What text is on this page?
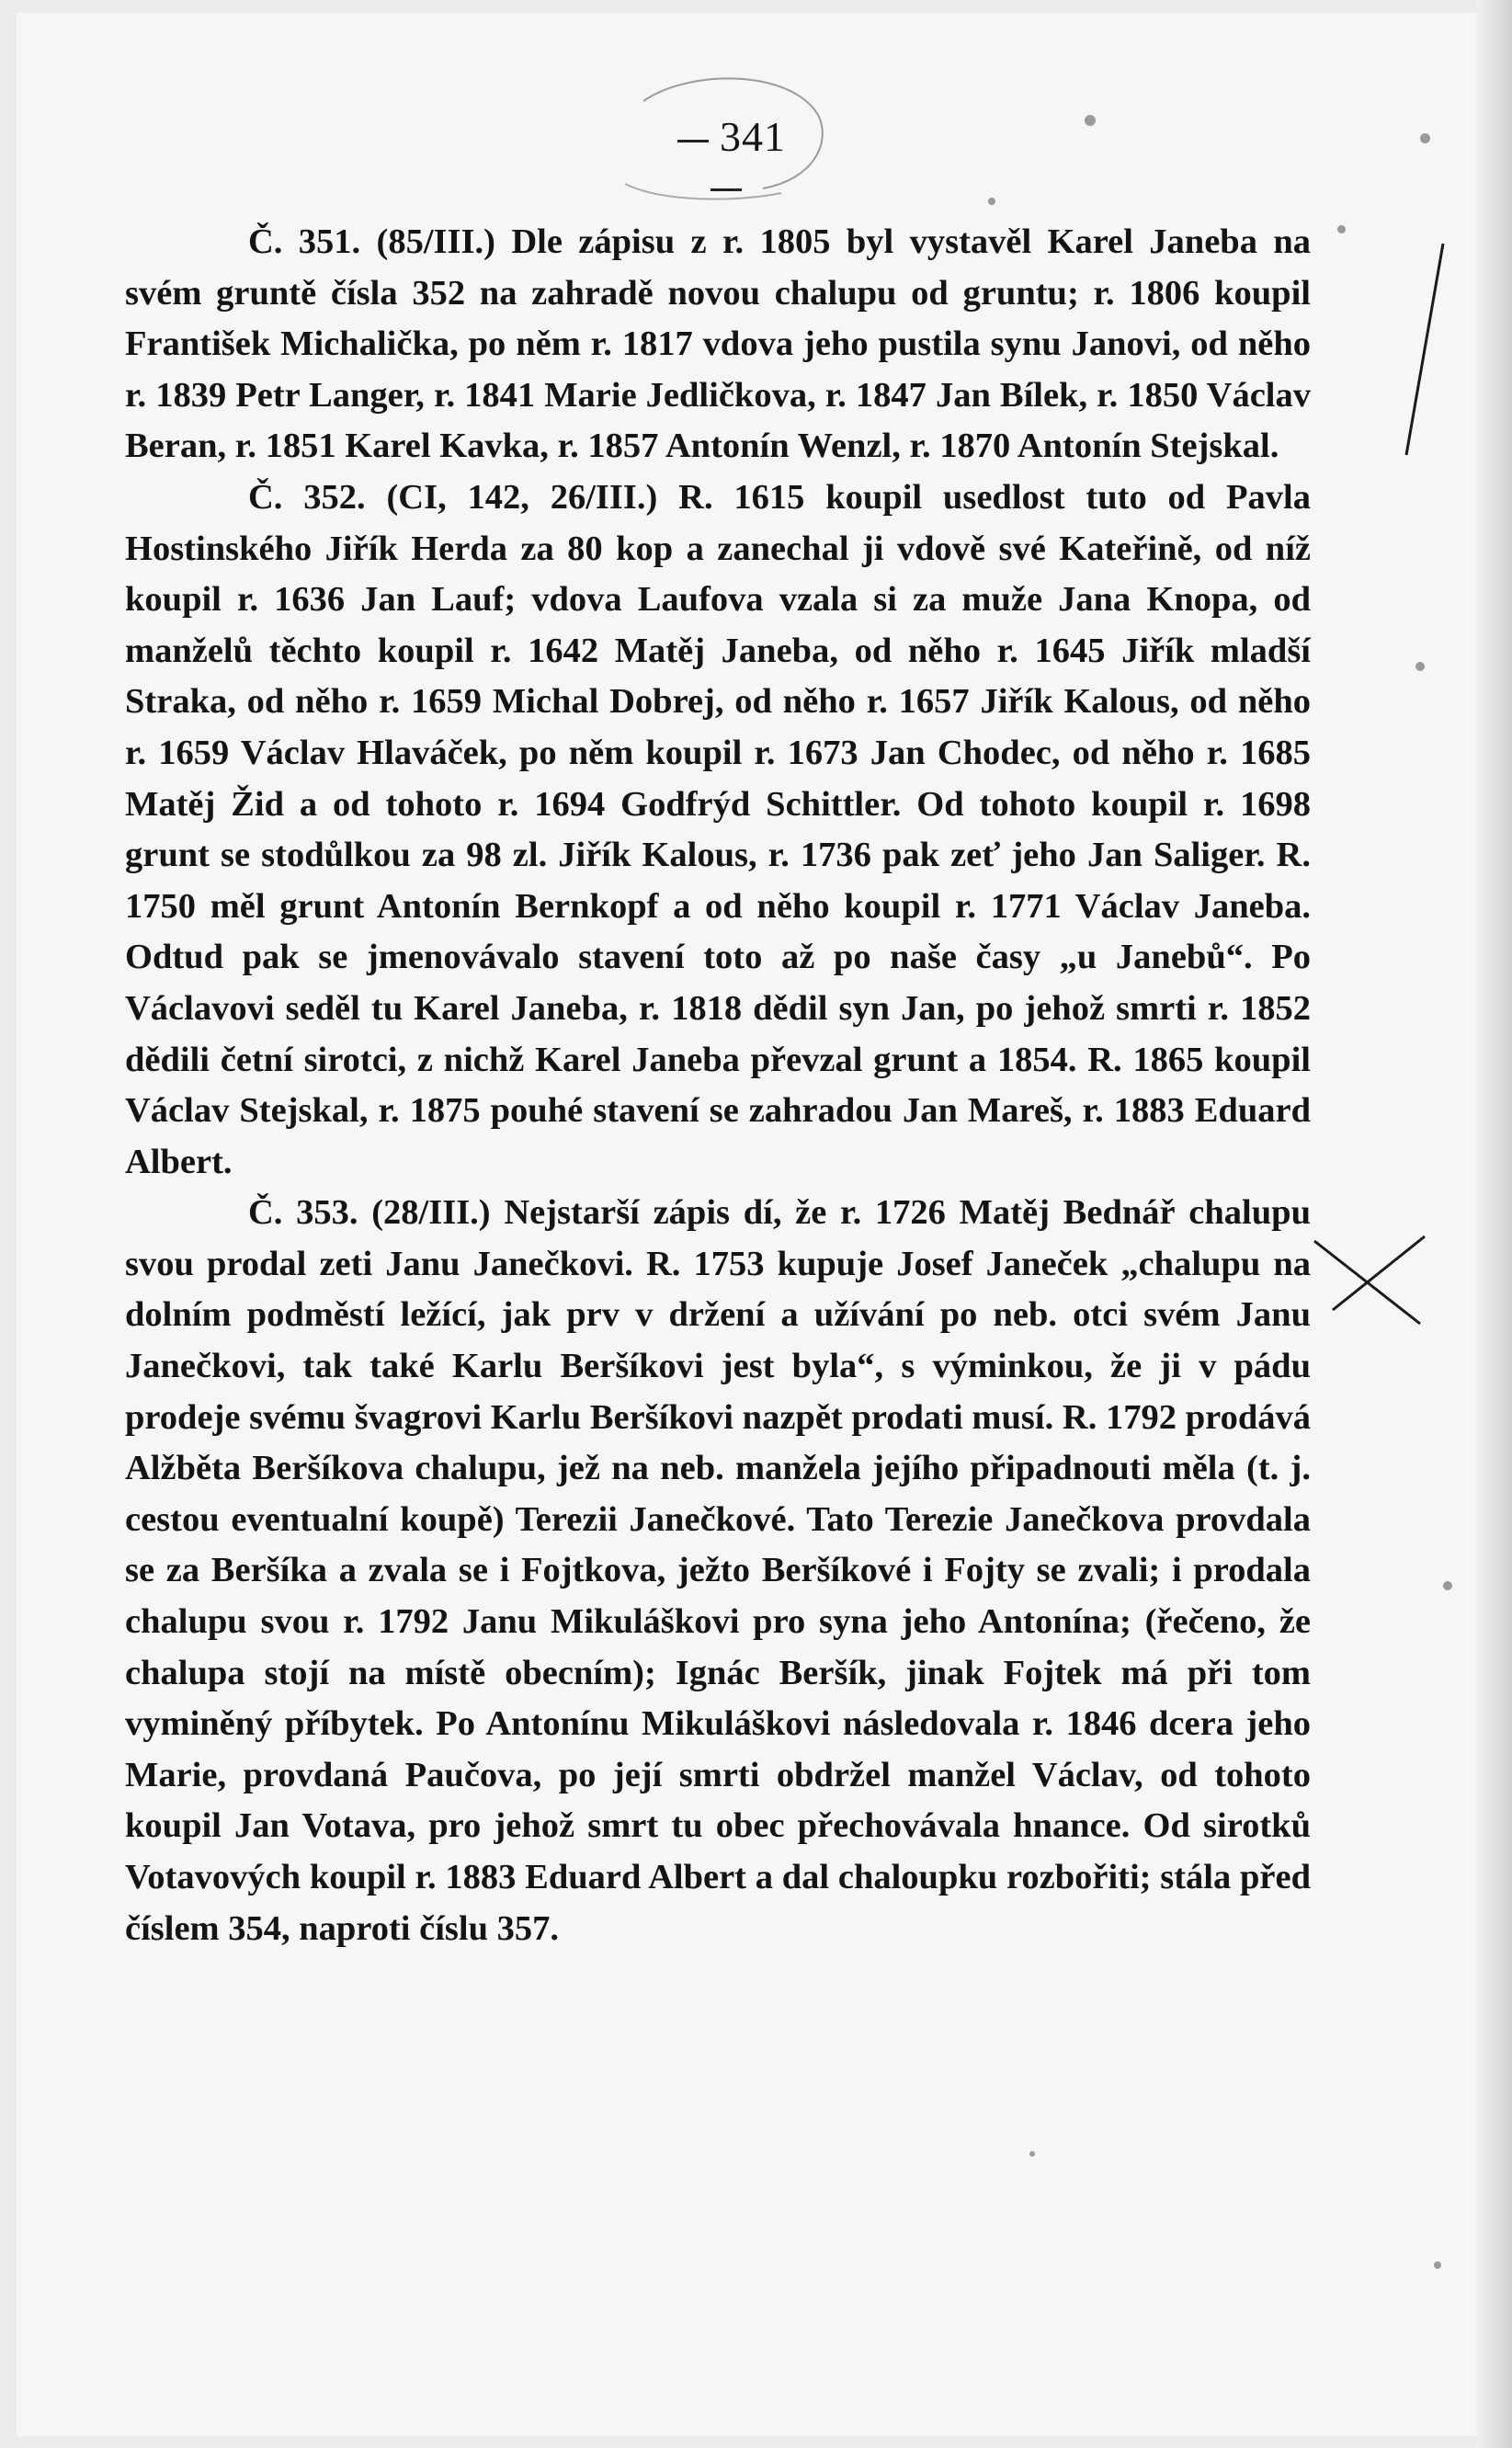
341

Č. 351. (85/III.) Dle zápisu z r. 1805 byl vystavěl Karel Janeba na svém gruntě čísla 352 na zahradě novou chalupu od gruntu; r. 1806 koupil František Michalička, po něm r. 1817 vdova jeho pustila synu Janovi, od něho r. 1839 Petr Langer, r. 1841 Marie Jedličkova, r. 1847 Jan Bílek, r. 1850 Václav Beran, r. 1851 Karel Kavka, r. 1857 Antonín Wenzl, r. 1870 Antonín Stejskal.

Č. 352. (CI, 142, 26/III.) R. 1615 koupil usedlost tuto od Pavla Hostinského Jiřík Herda za 80 kop a zanechal ji vdově své Kateřině, od níž koupil r. 1636 Jan Lauf; vdova Laufova vzala si za muže Jana Knopa, od manželů těchto koupil r. 1642 Matěj Janeba, od něho r. 1645 Jiřík mladší Straka, od něho r. 1659 Michal Dobrej, od něho r. 1657 Jiřík Kalous, od něho r. 1659 Václav Hlaváček, po něm koupil r. 1673 Jan Chodec, od něho r. 1685 Matěj Žid a od tohoto r. 1694 Godfrýd Schittler. Od tohoto koupil r. 1698 grunt se stodůlkou za 98 zl. Jiřík Kalous, r. 1736 pak zeť jeho Jan Saliger. R. 1750 měl grunt Antonín Bernkopf a od něho koupil r. 1771 Václav Janeba. Odtud pak se jmenovávalo stavení toto až po naše časy „u Janebů“. Po Václavovi seděl tu Karel Janeba, r. 1818 dědil syn Jan, po jehož smrti r. 1852 dědili četní sirotci, z nichž Karel Janeba převzal grunt a 1854. R. 1865 koupil Václav Stejskal, r. 1875 pouhé stavení se zahradou Jan Mareš, r. 1883 Eduard Albert.

Č. 353. (28/III.) Nejstarší zápis dí, že r. 1726 Matěj Bednář chalupu svou prodal zeti Janu Janečkovi. R. 1753 kupuje Josef Janeček „chalupu na dolním podměstí ležící, jak prv v držení a užívání po neb. otci svém Janu Janečkovi, tak také Karlu Beršíkovi jest byla“, s výminkou, že ji v pádu prodeje svému švagrovi Karlu Beršíkovi nazpět prodati musí. R. 1792 prodává Alžběta Beršíkova chalupu, jež na neb. manžela jejího připadnouti měla (t. j. cestou eventualní koupě) Terezii Janečkové. Tato Terezie Janečkova provdala se za Beršíka a zvala se i Fojtkova, ježto Beršíkové i Fojty se zvali; i prodala chalupu svou r. 1792 Janu Mikuláškovi pro syna jeho Antonína; (řečeno, že chalupa stojí na místě obecním); Ignác Beršík, jinak Fojtek má při tom vyminěný příbytek. Po Antonínu Mikuláškovi následovala r. 1846 dcera jeho Marie, provdaná Paučova, po její smrti obdržel manžel Václav, od tohoto koupil Jan Votava, pro jehož smrt tu obec přechovávala hnance. Od sirotků Votavových koupil r. 1883 Eduard Albert a dal chaloupku rozbořiti; stála před číslem 354, naproti číslu 357.
